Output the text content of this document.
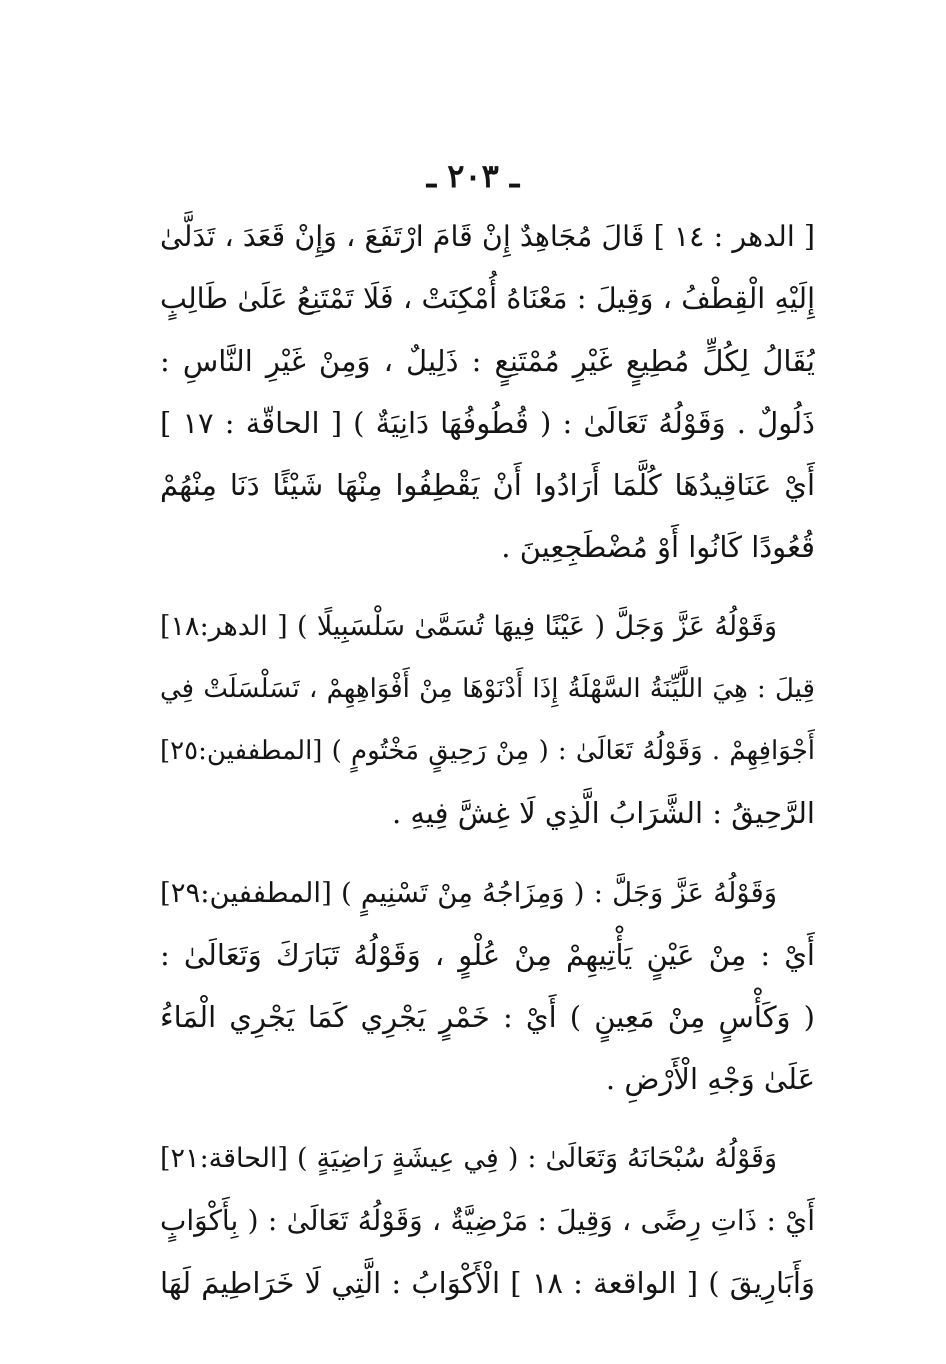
ـ ٢٠٣ ـ
[ الدهر : ١٤ ] قَالَ مُجَاهِدٌ إِنْ قَامَ ارْتَفَعَ ، وَإِنْ قَعَدَ ، تَدَلَّىٰ
إِلَيْهِ الْقِطْفُ ، وَقِيلَ : مَعْنَاهُ أُمْكِنَتْ ، فَلَا تَمْتَنِعُ عَلَىٰ طَالِبٍ
يُقَالُ لِكُلٍّ مُطِيعٍ غَيْرِ مُمْتَنِعٍ : ذَلِيلٌ ، وَمِنْ غَيْرِ النَّاسِ :
ذَلُولٌ . وَقَوْلُهُ تَعَالَىٰ : ( قُطُوفُهَا دَانِيَةٌ ) [ الحاقّة : ١٧ ]
أَيْ عَنَاقِيدُهَا كُلَّمَا أَرَادُوا أَنْ يَقْطِفُوا مِنْهَا شَيْئًا دَنَا مِنْهُمْ
قُعُودًا كَانُوا أَوْ مُضْطَجِعِينَ .
وَقَوْلُهُ عَزَّ وَجَلَّ ( عَيْنًا فِيهَا تُسَمَّىٰ سَلْسَبِيلًا ) [ الدهر:١٨]
قِيلَ : هِيَ اللَّيِّنَةُ السَّهْلَةُ إِذَا أَدْنَوْهَا مِنْ أَفْوَاهِهِمْ ، تَسَلْسَلَتْ فِي
أَجْوَافِهِمْ . وَقَوْلُهُ تَعَالَىٰ : ( مِنْ رَحِيقٍ مَخْتُومٍ ) [المطففين:٢٥]
الرَّحِيقُ : الشَّرَابُ الَّذِي لَا غِشَّ فِيهِ .
وَقَوْلُهُ عَزَّ وَجَلَّ : ( وَمِزَاجُهُ مِنْ تَسْنِيمٍ ) [المطففين:٢٩]
أَيْ : مِنْ عَيْنٍ يَأْتِيهِمْ مِنْ عُلْوٍ ، وَقَوْلُهُ تَبَارَكَ وَتَعَالَىٰ :
( وَكَأْسٍ مِنْ مَعِينٍ ) أَيْ : خَمْرٍ يَجْرِي كَمَا يَجْرِي الْمَاءُ
عَلَىٰ وَجْهِ الْأَرْضِ .
وَقَوْلُهُ سُبْحَانَهُ وَتَعَالَىٰ : ( فِي عِيشَةٍ رَاضِيَةٍ ) [الحاقة:٢١]
أَيْ : ذَاتِ رِضًى ، وَقِيلَ : مَرْضِيَّةٌ ، وَقَوْلُهُ تَعَالَىٰ : ( بِأَكْوَابٍ
وَأَبَارِيقَ ) [ الواقعة : ١٨ ] الْأَكْوَابُ : الَّتِي لَا خَرَاطِيمَ لَهَا
